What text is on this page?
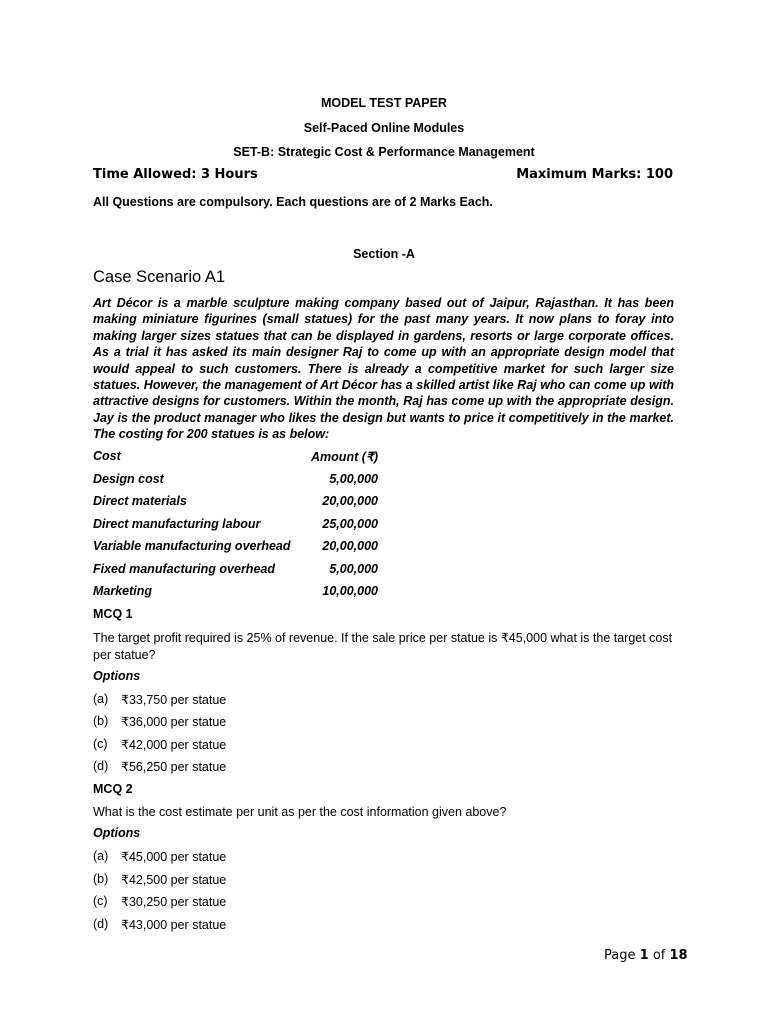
MODEL TEST PAPER
Self-Paced Online Modules
SET-B: Strategic Cost & Performance Management
Time Allowed: 3 Hours	Maximum Marks: 100
All Questions are compulsory. Each questions are of 2 Marks Each.
Section -A
Case Scenario A1

Art Décor is a marble sculpture making company based out of Jaipur, Rajasthan. It has been making miniature figurines (small statues) for the past many years. It now plans to foray into making larger sizes statues that can be displayed in gardens, resorts or large corporate offices. As a trial it has asked its main designer Raj to come up with an appropriate design model that would appeal to such customers. There is already a competitive market for such larger size statues. However, the management of Art Décor has a skilled artist like Raj who can come up with attractive designs for customers. Within the month, Raj has come up with the appropriate design. Jay is the product manager who likes the design but wants to price it competitively in the market. The costing for 200 statues is as below:

Cost	Amount (₹)
Design cost	5,00,000
Direct materials	20,00,000
Direct manufacturing labour	25,00,000
Variable manufacturing overhead	20,00,000
Fixed manufacturing overhead	5,00,000
Marketing	10,00,000
MCQ 1

The target profit required is 25% of revenue. If the sale price per statue is ₹45,000 what is the target cost per statue?

Options
(a)	₹33,750 per statue
(b)	₹36,000 per statue
(c)	₹42,000 per statue
(d)	₹56,250 per statue
MCQ 2

What is the cost estimate per unit as per the cost information given above?

Options
(a)	₹45,000 per statue
(b)	₹42,500 per statue
(c)	₹30,250 per statue
(d)	₹43,000 per statue
Page 1 of 18
